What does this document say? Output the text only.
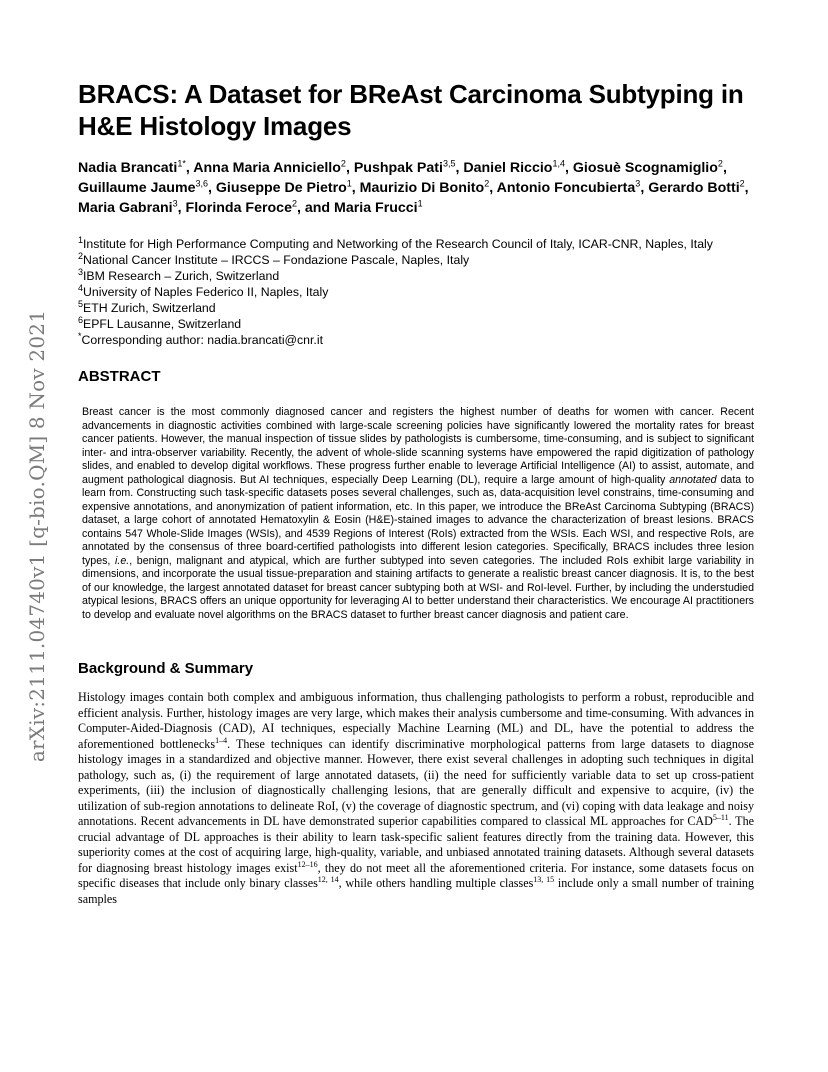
arXiv:2111.04740v1 [q-bio.QM] 8 Nov 2021
BRACS: A Dataset for BReAst Carcinoma Subtyping in H&E Histology Images
Nadia Brancati$^{1*}$, Anna Maria Anniciello$^2$, Pushpak Pati$^{3,5}$, Daniel Riccio$^{1,4}$, Giosuè Scognamiglio$^2$, Guillaume Jaume$^{3,6}$, Giuseppe De Pietro$^1$, Maurizio Di Bonito$^2$, Antonio Foncubierta$^3$, Gerardo Botti$^2$, Maria Gabrani$^3$, Florinda Feroce$^2$, and Maria Frucci$^1$
$^1$Institute for High Performance Computing and Networking of the Research Council of Italy, ICAR-CNR, Naples, Italy
$^2$National Cancer Institute – IRCCS – Fondazione Pascale, Naples, Italy
$^3$IBM Research – Zurich, Switzerland
$^4$University of Naples Federico II, Naples, Italy
$^5$ETH Zurich, Switzerland
$^6$EPFL Lausanne, Switzerland
*Corresponding author: nadia.brancati@cnr.it
ABSTRACT
Breast cancer is the most commonly diagnosed cancer and registers the highest number of deaths for women with cancer. Recent advancements in diagnostic activities combined with large-scale screening policies have significantly lowered the mortality rates for breast cancer patients. However, the manual inspection of tissue slides by pathologists is cumbersome, time-consuming, and is subject to significant inter- and intra-observer variability. Recently, the advent of whole-slide scanning systems have empowered the rapid digitization of pathology slides, and enabled to develop digital workflows. These progress further enable to leverage Artificial Intelligence (AI) to assist, automate, and augment pathological diagnosis. But AI techniques, especially Deep Learning (DL), require a large amount of high-quality annotated data to learn from. Constructing such task-specific datasets poses several challenges, such as, data-acquisition level constrains, time-consuming and expensive annotations, and anonymization of patient information, etc. In this paper, we introduce the BReAst Carcinoma Subtyping (BRACS) dataset, a large cohort of annotated Hematoxylin & Eosin (H&E)-stained images to advance the characterization of breast lesions. BRACS contains 547 Whole-Slide Images (WSIs), and 4539 Regions of Interest (RoIs) extracted from the WSIs. Each WSI, and respective RoIs, are annotated by the consensus of three board-certified pathologists into different lesion categories. Specifically, BRACS includes three lesion types, i.e., benign, malignant and atypical, which are further subtyped into seven categories. The included RoIs exhibit large variability in dimensions, and incorporate the usual tissue-preparation and staining artifacts to generate a realistic breast cancer diagnosis. It is, to the best of our knowledge, the largest annotated dataset for breast cancer subtyping both at WSI- and RoI-level. Further, by including the understudied atypical lesions, BRACS offers an unique opportunity for leveraging AI to better understand their characteristics. We encourage AI practitioners to develop and evaluate novel algorithms on the BRACS dataset to further breast cancer diagnosis and patient care.
Background & Summary
Histology images contain both complex and ambiguous information, thus challenging pathologists to perform a robust, reproducible and efficient analysis. Further, histology images are very large, which makes their analysis cumbersome and time-consuming. With advances in Computer-Aided-Diagnosis (CAD), AI techniques, especially Machine Learning (ML) and DL, have the potential to address the aforementioned bottlenecks$^{1-4}$. These techniques can identify discriminative morphological patterns from large datasets to diagnose histology images in a standardized and objective manner. However, there exist several challenges in adopting such techniques in digital pathology, such as, (i) the requirement of large annotated datasets, (ii) the need for sufficiently variable data to set up cross-patient experiments, (iii) the inclusion of diagnostically challenging lesions, that are generally difficult and expensive to acquire, (iv) the utilization of sub-region annotations to delineate RoI, (v) the coverage of diagnostic spectrum, and (vi) coping with data leakage and noisy annotations. Recent advancements in DL have demonstrated superior capabilities compared to classical ML approaches for CAD$^{5-11}$. The crucial advantage of DL approaches is their ability to learn task-specific salient features directly from the training data. However, this superiority comes at the cost of acquiring large, high-quality, variable, and unbiased annotated training datasets. Although several datasets for diagnosing breast histology images exist$^{12-16}$, they do not meet all the aforementioned criteria. For instance, some datasets focus on specific diseases that include only binary classes$^{12, 14}$, while others handling multiple classes$^{13, 15}$ include only a small number of training samples
